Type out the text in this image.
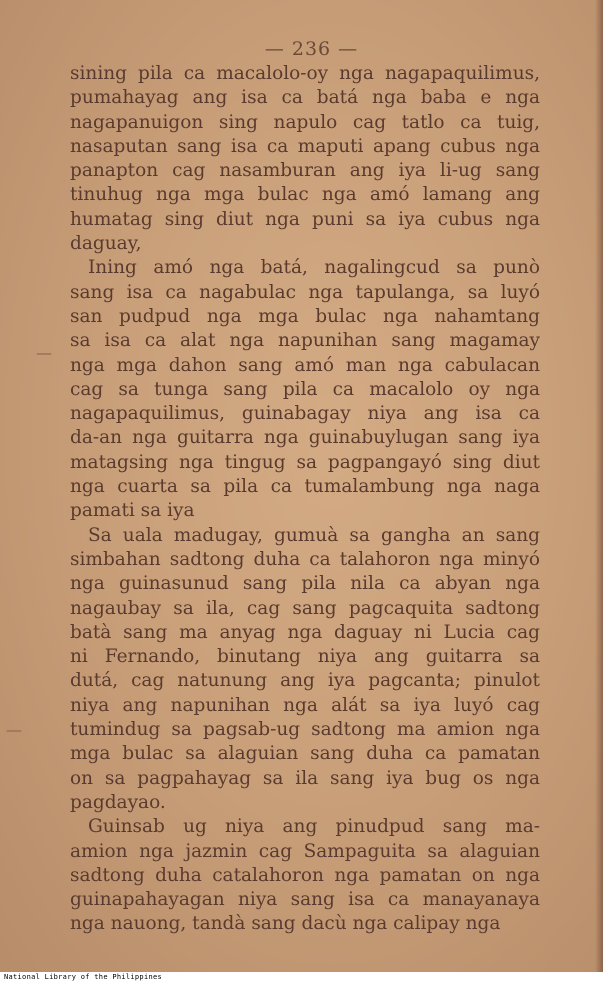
— 236 —
sining pila ca macalolo-oy nga nagapaquilimus,
pumahayag ang isa ca batá nga baba e nga
nagapanuigon sing napulo cag tatlo ca tuig,
nasaputan sang isa ca maputi apang cubus nga
panapton cag nasamburan ang iya li-ug sang
tinuhug nga mga bulac nga amó lamang ang
humatag sing diut nga puni sa iya cubus nga
daguay,
Ining amó nga batá, nagalingcud sa punò
sang isa ca nagabulac nga tapulanga, sa luyó
san pudpud nga mga bulac nga nahamtang
sa isa ca alat nga napunihan sang magamay
nga mga dahon sang amó man nga cabulacan
cag sa tunga sang pila ca macalolo oy nga
nagapaquilimus, guinabagay niya ang isa ca
da-an nga guitarra nga guinabuylugan sang iya
matagsing nga tingug sa pagpangayó sing diut
nga cuarta sa pila ca tumalambung nga naga
pamati sa iya
Sa uala madugay, gumuà sa gangha an sang
simbahan sadtong duha ca talahoron nga minyó
nga guinasunud sang pila nila ca abyan nga
nagaubay sa ila, cag sang pagcaquita sadtong
batà sang ma anyag nga daguay ni Lucia cag
ni Fernando, binutang niya ang guitarra sa
dutá, cag natunung ang iya pagcanta; pinulot
niya ang napunihan nga alát sa iya luyó cag
tumindug sa pagsab-ug sadtong ma amion nga
mga bulac sa alaguian sang duha ca pamatan
on sa pagpahayag sa ila sang iya bug os nga
pagdayao.
Guinsab ug niya ang pinudpud sang ma-
amion nga jazmin cag Sampaguita sa alaguian
sadtong duha catalahoron nga pamatan on nga
guinapahayagan niya sang isa ca manayanaya
nga nauong, tandà sang dacù nga calipay nga
—
—
National Library of the Philippines
